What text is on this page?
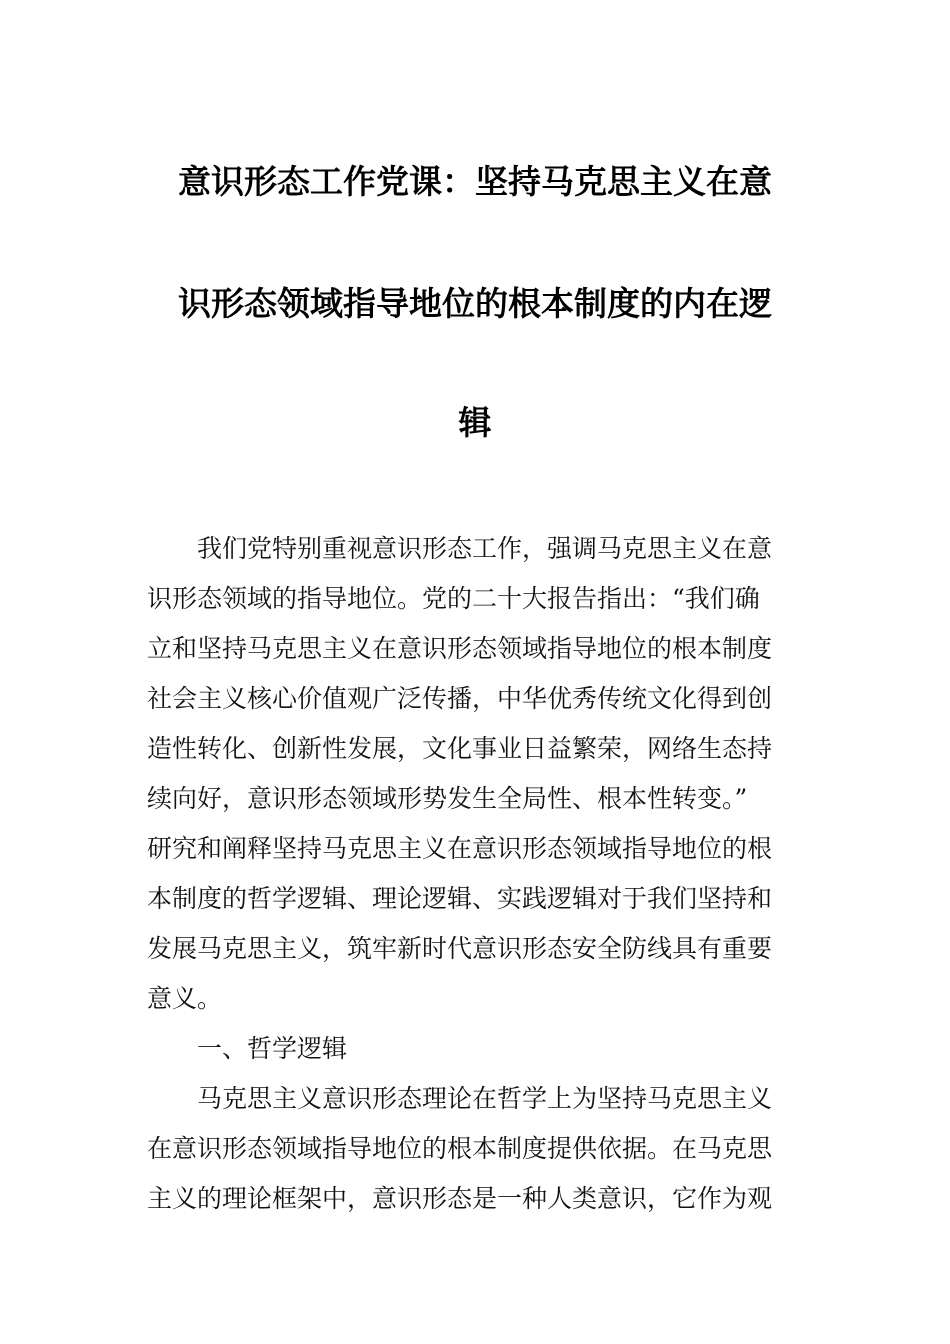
意识形态工作党课：坚持马克思主义在意
识形态领域指导地位的根本制度的内在逻
辑

　　我们党特别重视意识形态工作，强调马克思主义在意

识形态领域的指导地位。党的二十大报告指出：“我们确

立和坚持马克思主义在意识形态领域指导地位的根本制度

社会主义核心价值观广泛传播，中华优秀传统文化得到创

造性转化、创新性发展，文化事业日益繁荣，网络生态持

续向好，意识形态领域形势发生全局性、根本性转变。”

研究和阐释坚持马克思主义在意识形态领域指导地位的根

本制度的哲学逻辑、理论逻辑、实践逻辑对于我们坚持和

发展马克思主义，筑牢新时代意识形态安全防线具有重要

意义。

　　一、哲学逻辑

　　马克思主义意识形态理论在哲学上为坚持马克思主义

在意识形态领域指导地位的根本制度提供依据。在马克思

主义的理论框架中，意识形态是一种人类意识，它作为观
